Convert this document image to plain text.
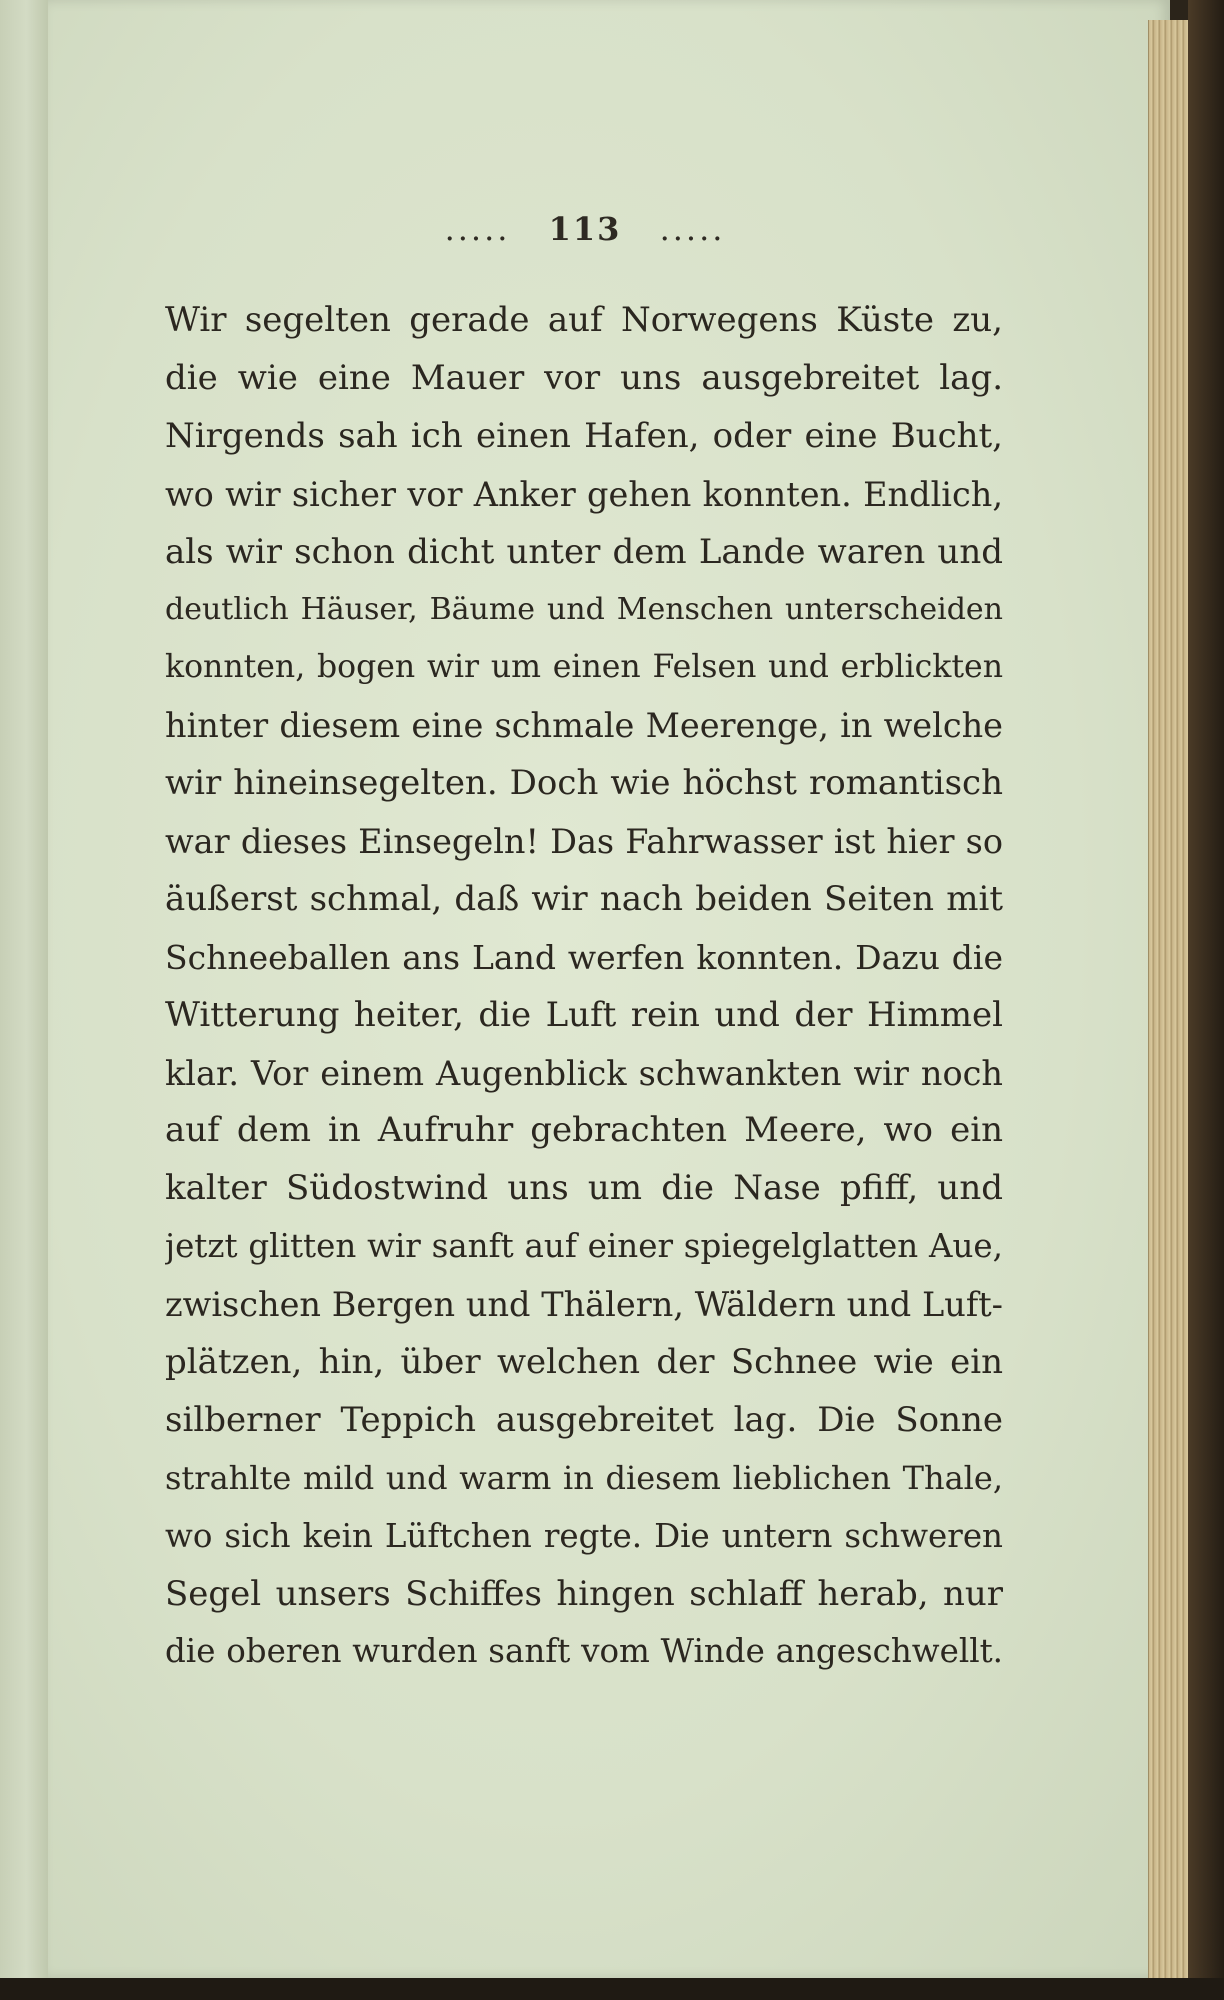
..... 113 .....
Wir segelten gerade auf Norwegens Küste zu,
die wie eine Mauer vor uns ausgebreitet lag.
Nirgends sah ich einen Hafen, oder eine Bucht,
wo wir sicher vor Anker gehen konnten. Endlich,
als wir schon dicht unter dem Lande waren und
deutlich Häuser, Bäume und Menschen unterscheiden
konnten, bogen wir um einen Felsen und erblickten
hinter diesem eine schmale Meerenge, in welche
wir hineinsegelten. Doch wie höchst romantisch
war dieses Einsegeln! Das Fahrwasser ist hier so
äußerst schmal, daß wir nach beiden Seiten mit
Schneeballen ans Land werfen konnten. Dazu die
Witterung heiter, die Luft rein und der Himmel
klar. Vor einem Augenblick schwankten wir noch
auf dem in Aufruhr gebrachten Meere, wo ein
kalter Südostwind uns um die Nase pfiff, und
jetzt glitten wir sanft auf einer spiegelglatten Aue,
zwischen Bergen und Thälern, Wäldern und Luft-
plätzen, hin, über welchen der Schnee wie ein
silberner Teppich ausgebreitet lag. Die Sonne
strahlte mild und warm in diesem lieblichen Thale,
wo sich kein Lüftchen regte. Die untern schweren
Segel unsers Schiffes hingen schlaff herab, nur
die oberen wurden sanft vom Winde angeschwellt.
